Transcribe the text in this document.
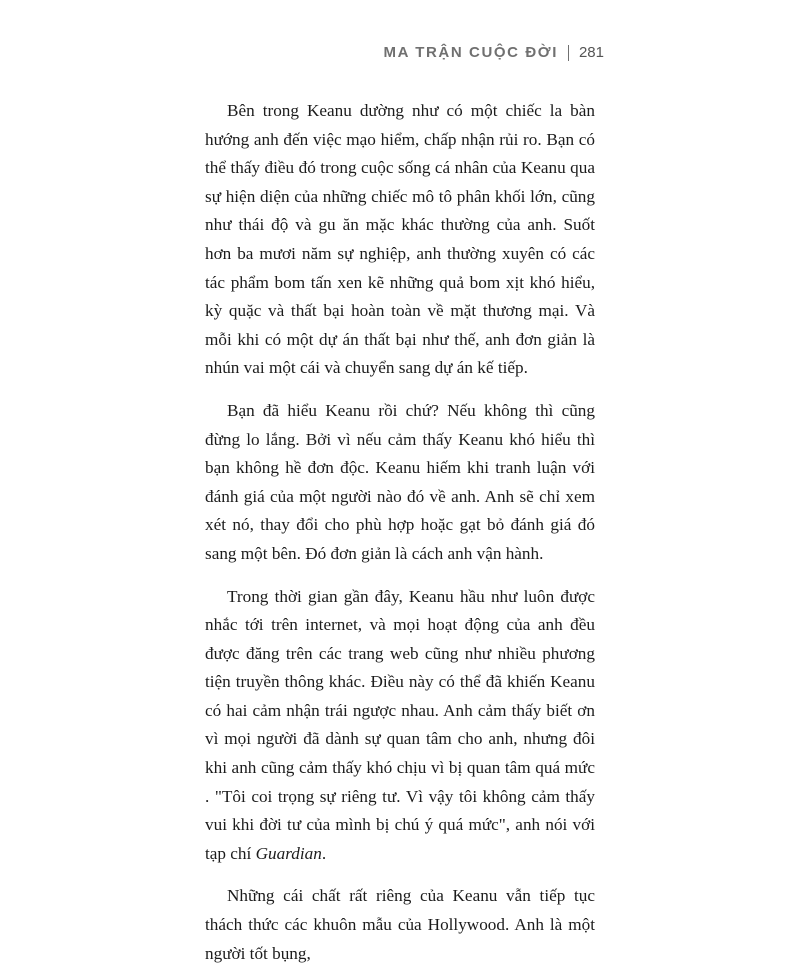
MA TRẬN CUỘC ĐỜI 281

Bên trong Keanu dường như có một chiếc la bàn hướng anh đến việc mạo hiểm, chấp nhận rủi ro. Bạn có thể thấy điều đó trong cuộc sống cá nhân của Keanu qua sự hiện diện của những chiếc mô tô phân khối lớn, cũng như thái độ và gu ăn mặc khác thường của anh. Suốt hơn ba mươi năm sự nghiệp, anh thường xuyên có các tác phẩm bom tấn xen kẽ những quả bom xịt khó hiểu, kỳ quặc và thất bại hoàn toàn về mặt thương mại. Và mỗi khi có một dự án thất bại như thế, anh đơn giản là nhún vai một cái và chuyển sang dự án kế tiếp.

Bạn đã hiểu Keanu rồi chứ? Nếu không thì cũng đừng lo lắng. Bởi vì nếu cảm thấy Keanu khó hiểu thì bạn không hề đơn độc. Keanu hiếm khi tranh luận với đánh giá của một người nào đó về anh. Anh sẽ chỉ xem xét nó, thay đổi cho phù hợp hoặc gạt bỏ đánh giá đó sang một bên. Đó đơn giản là cách anh vận hành.

Trong thời gian gần đây, Keanu hầu như luôn được nhắc tới trên internet, và mọi hoạt động của anh đều được đăng trên các trang web cũng như nhiều phương tiện truyền thông khác. Điều này có thể đã khiến Keanu có hai cảm nhận trái ngược nhau. Anh cảm thấy biết ơn vì mọi người đã dành sự quan tâm cho anh, nhưng đôi khi anh cũng cảm thấy khó chịu vì bị quan tâm quá mức . "Tôi coi trọng sự riêng tư. Vì vậy tôi không cảm thấy vui khi đời tư của mình bị chú ý quá mức", anh nói với tạp chí Guardian.

Những cái chất rất riêng của Keanu vẫn tiếp tục thách thức các khuôn mẫu của Hollywood. Anh là một người tốt bụng,
